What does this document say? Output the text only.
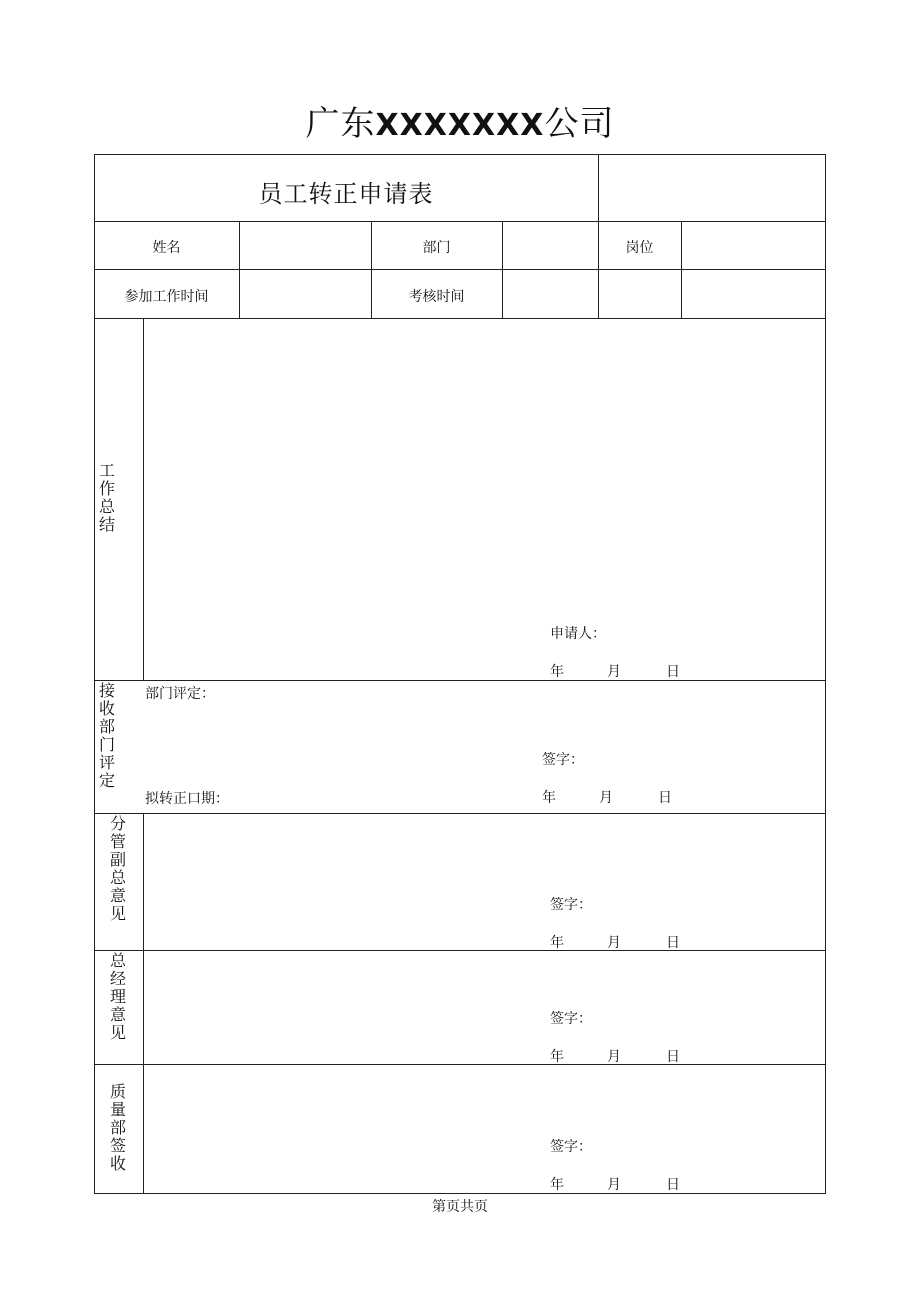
广东XXXXXXX公司
员工转正申请表
姓名	部门	岗位
参加工作时间	考核时间
工作总结
申请人：
年	月	日
接收部门评定
部门评定：
签字：
拟转正口期：	年	月	日
分管副总意见	签字：
年	月	日
总经理意见
签字：
年	月	日
质量部签收
签字：
年	月	日
第页共页
